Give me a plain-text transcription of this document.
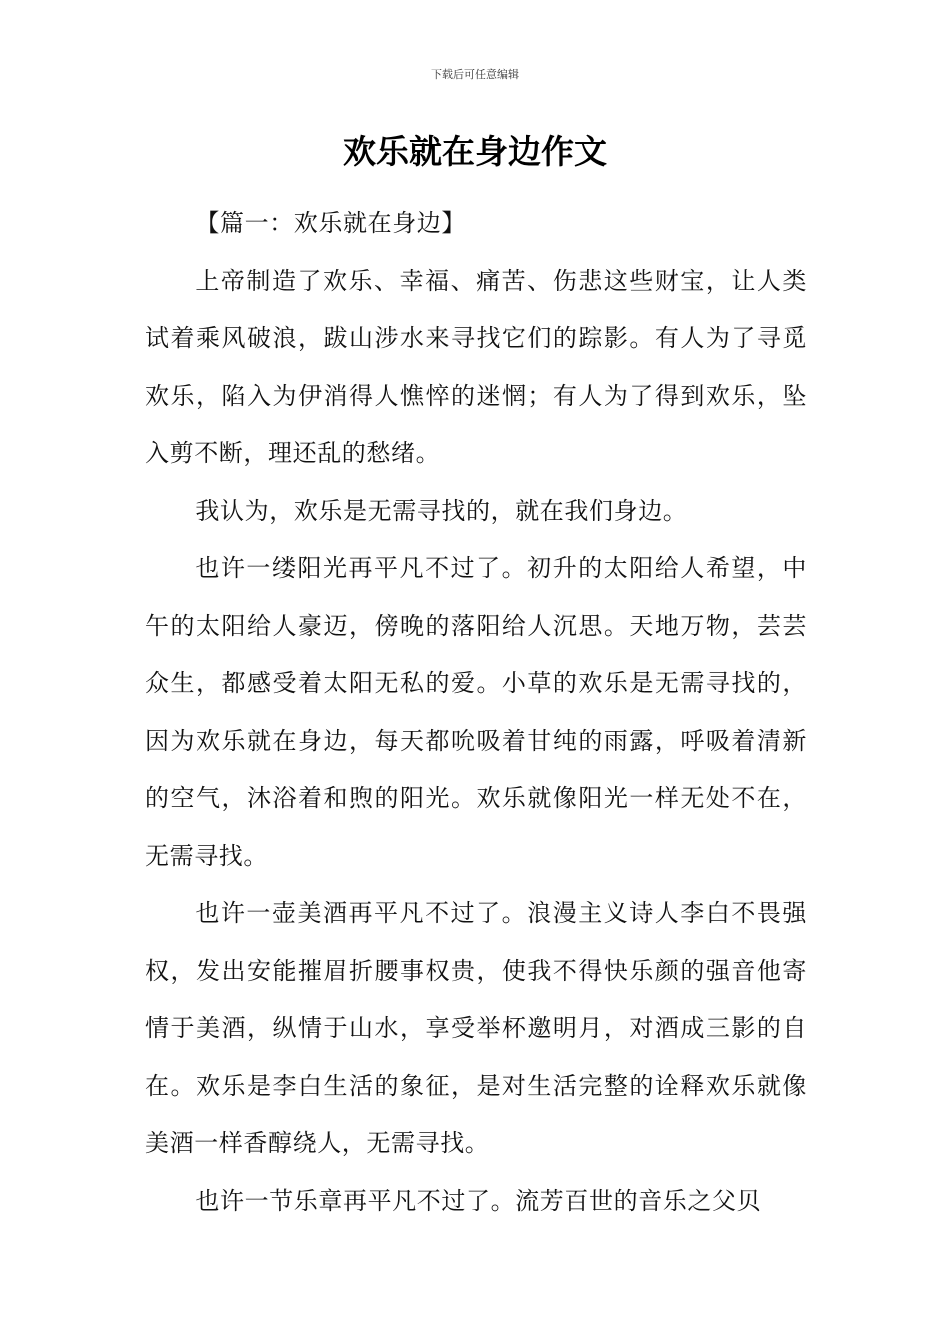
下载后可任意编辑
欢乐就在身边作文

【篇一：欢乐就在身边】

上帝制造了欢乐、幸福、痛苦、伤悲这些财宝，让人类试着乘风破浪，跋山涉水来寻找它们的踪影。有人为了寻觅欢乐，陷入为伊消得人憔悴的迷惘；有人为了得到欢乐，坠入剪不断，理还乱的愁绪。

我认为，欢乐是无需寻找的，就在我们身边。

也许一缕阳光再平凡不过了。初升的太阳给人希望，中午的太阳给人豪迈，傍晚的落阳给人沉思。天地万物，芸芸众生，都感受着太阳无私的爱。小草的欢乐是无需寻找的，因为欢乐就在身边，每天都吮吸着甘纯的雨露，呼吸着清新的空气，沐浴着和煦的阳光。欢乐就像阳光一样无处不在，无需寻找。

也许一壶美酒再平凡不过了。浪漫主义诗人李白不畏强权，发出安能摧眉折腰事权贵，使我不得快乐颜的强音他寄情于美酒，纵情于山水，享受举杯邀明月，对酒成三影的自在。欢乐是李白生活的象征，是对生活完整的诠释欢乐就像美酒一样香醇绕人，无需寻找。

也许一节乐章再平凡不过了。流芳百世的音乐之父贝
